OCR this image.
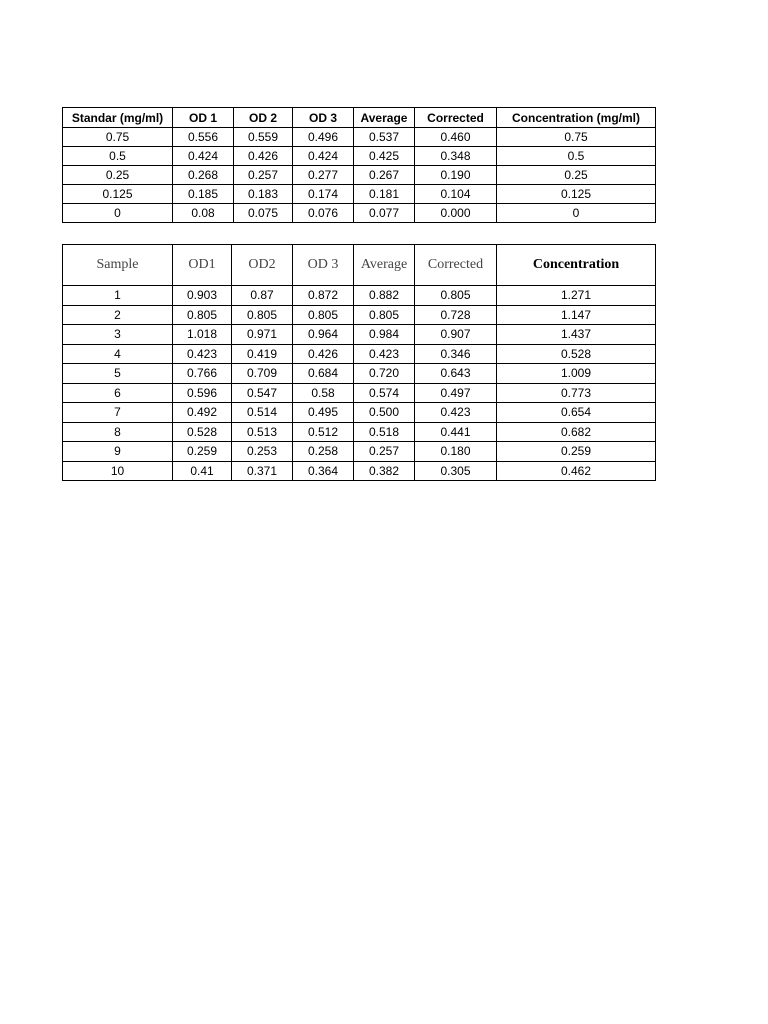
Standar (mg/ml)	OD 1	OD 2	OD 3	Average	Corrected	Concentration (mg/ml)
0.75	0.556	0.559	0.496	0.537	0.460	0.75
0.5	0.424	0.426	0.424	0.425	0.348	0.5
0.25	0.268	0.257	0.277	0.267	0.190	0.25
0.125	0.185	0.183	0.174	0.181	0.104	0.125
0	0.08	0.075	0.076	0.077	0.000	0
Sample	OD1	OD2	OD 3	Average	Corrected	Concentration
1	0.903	0.87	0.872	0.882	0.805	1.271
2	0.805	0.805	0.805	0.805	0.728	1.147
3	1.018	0.971	0.964	0.984	0.907	1.437
4	0.423	0.419	0.426	0.423	0.346	0.528
5	0.766	0.709	0.684	0.720	0.643	1.009
6	0.596	0.547	0.58	0.574	0.497	0.773
7	0.492	0.514	0.495	0.500	0.423	0.654
8	0.528	0.513	0.512	0.518	0.441	0.682
9	0.259	0.253	0.258	0.257	0.180	0.259
10	0.41	0.371	0.364	0.382	0.305	0.462
